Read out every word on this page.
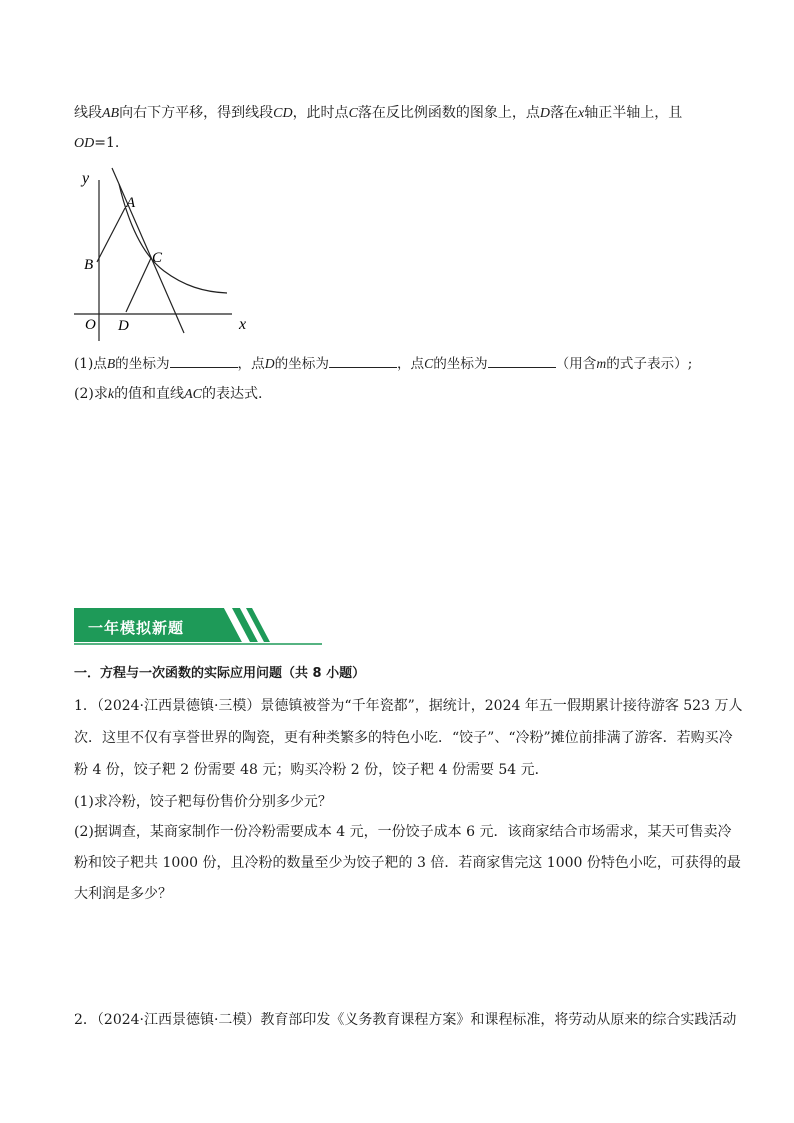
线段AB向右下方平移，得到线段CD，此时点C落在反比例函数的图象上，点D落在x轴正半轴上，且
OD=1.
y
x
O
A
B	C
D
(1)点B的坐标为	，点D的坐标为	，点C的坐标为	（用含m的式子表示）;
(2)求k的值和直线AC的表达式.
一年模拟新题
一．方程与一次函数的实际应用问题（共 8 小题）
1．（2024·江西景德镇·三模）景德镇被誉为“千年瓷都”，据统计，2024 年五一假期累计接待游客 523 万人
次．这里不仅有享誉世界的陶瓷，更有种类繁多的特色小吃．“饺子”、“冷粉”摊位前排满了游客．若购买冷
粉 4 份，饺子粑 2 份需要 48 元；购买冷粉 2 份，饺子粑 4 份需要 54 元．
(1)求冷粉，饺子粑每份售价分别多少元？
(2)据调查，某商家制作一份冷粉需要成本 4 元，一份饺子成本 6 元．该商家结合市场需求，某天可售卖冷
粉和饺子粑共 1000 份，且冷粉的数量至少为饺子粑的 3 倍．若商家售完这 1000 份特色小吃，可获得的最
大利润是多少？
2．（2024·江西景德镇·二模）教育部印发《义务教育课程方案》和课程标准，将劳动从原来的综合实践活动
